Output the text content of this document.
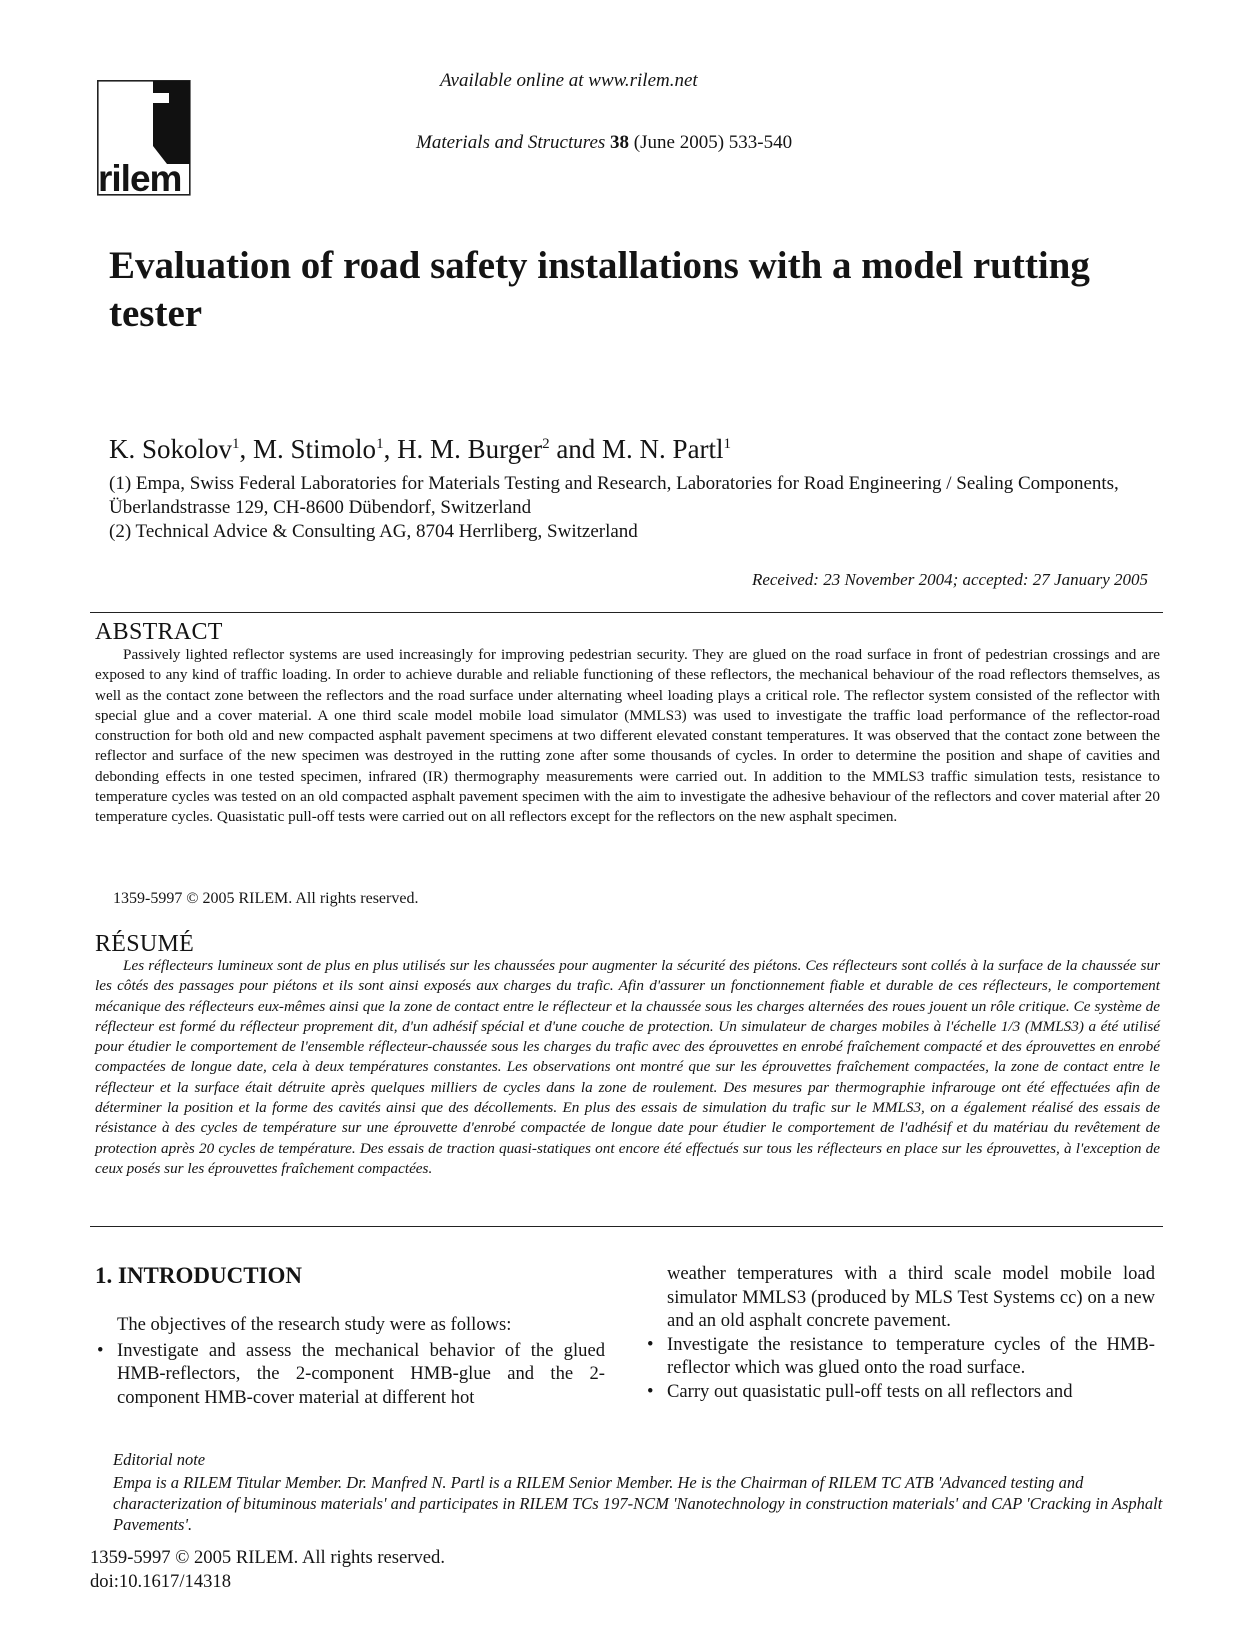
rilem
Available online at www.rilem.net
Materials and Structures 38 (June 2005) 533-540
Evaluation of road safety installations with a model rutting tester
K. Sokolov$^1$, M. Stimolo$^1$, H. M. Burger$^2$ and M. N. Partl$^1$
(1) Empa, Swiss Federal Laboratories for Materials Testing and Research, Laboratories for Road Engineering / Sealing Components, Überlandstrasse 129, CH-8600 Dübendorf, Switzerland
(2) Technical Advice & Consulting AG, 8704 Herrliberg, Switzerland
Received: 23 November 2004; accepted: 27 January 2005
ABSTRACT
Passively lighted reflector systems are used increasingly for improving pedestrian security. They are glued on the road surface in front of pedestrian crossings and are exposed to any kind of traffic loading. In order to achieve durable and reliable functioning of these reflectors, the mechanical behaviour of the road reflectors themselves, as well as the contact zone between the reflectors and the road surface under alternating wheel loading plays a critical role. The reflector system consisted of the reflector with special glue and a cover material. A one third scale model mobile load simulator (MMLS3) was used to investigate the traffic load performance of the reflector-road construction for both old and new compacted asphalt pavement specimens at two different elevated constant temperatures. It was observed that the contact zone between the reflector and surface of the new specimen was destroyed in the rutting zone after some thousands of cycles. In order to determine the position and shape of cavities and debonding effects in one tested specimen, infrared (IR) thermography measurements were carried out. In addition to the MMLS3 traffic simulation tests, resistance to temperature cycles was tested on an old compacted asphalt pavement specimen with the aim to investigate the adhesive behaviour of the reflectors and cover material after 20 temperature cycles. Quasistatic pull-off tests were carried out on all reflectors except for the reflectors on the new asphalt specimen.
1359-5997 © 2005 RILEM. All rights reserved.
RÉSUMÉ
Les réflecteurs lumineux sont de plus en plus utilisés sur les chaussées pour augmenter la sécurité des piétons. Ces réflecteurs sont collés à la surface de la chaussée sur les côtés des passages pour piétons et ils sont ainsi exposés aux charges du trafic. Afin d'assurer un fonctionnement fiable et durable de ces réflecteurs, le comportement mécanique des réflecteurs eux-mêmes ainsi que la zone de contact entre le réflecteur et la chaussée sous les charges alternées des roues jouent un rôle critique. Ce système de réflecteur est formé du réflecteur proprement dit, d'un adhésif spécial et d'une couche de protection. Un simulateur de charges mobiles à l'échelle 1/3 (MMLS3) a été utilisé pour étudier le comportement de l'ensemble réflecteur-chaussée sous les charges du trafic avec des éprouvettes en enrobé fraîchement compacté et des éprouvettes en enrobé compactées de longue date, cela à deux températures constantes. Les observations ont montré que sur les éprouvettes fraîchement compactées, la zone de contact entre le réflecteur et la surface était détruite après quelques milliers de cycles dans la zone de roulement. Des mesures par thermographie infrarouge ont été effectuées afin de déterminer la position et la forme des cavités ainsi que des décollements. En plus des essais de simulation du trafic sur le MMLS3, on a également réalisé des essais de résistance à des cycles de température sur une éprouvette d'enrobé compactée de longue date pour étudier le comportement de l'adhésif et du matériau du revêtement de protection après 20 cycles de température. Des essais de traction quasi-statiques ont encore été effectués sur tous les réflecteurs en place sur les éprouvettes, à l'exception de ceux posés sur les éprouvettes fraîchement compactées.
1. INTRODUCTION

The objectives of the research study were as follows:

• Investigate and assess the mechanical behavior of the glued HMB-reflectors, the 2-component HMB-glue and the 2-component HMB-cover material at different hot

weather temperatures with a third scale model mobile load simulator MMLS3 (produced by MLS Test Systems cc) on a new and an old asphalt concrete pavement.

• Investigate the resistance to temperature cycles of the HMB-reflector which was glued onto the road surface.

• Carry out quasistatic pull-off tests on all reflectors and

Editorial note
Empa is a RILEM Titular Member. Dr. Manfred N. Partl is a RILEM Senior Member. He is the Chairman of RILEM TC ATB 'Advanced testing and characterization of bituminous materials' and participates in RILEM TCs 197-NCM 'Nanotechnology in construction materials' and CAP 'Cracking in Asphalt Pavements'.
1359-5997 © 2005 RILEM. All rights reserved.
doi:10.1617/14318
